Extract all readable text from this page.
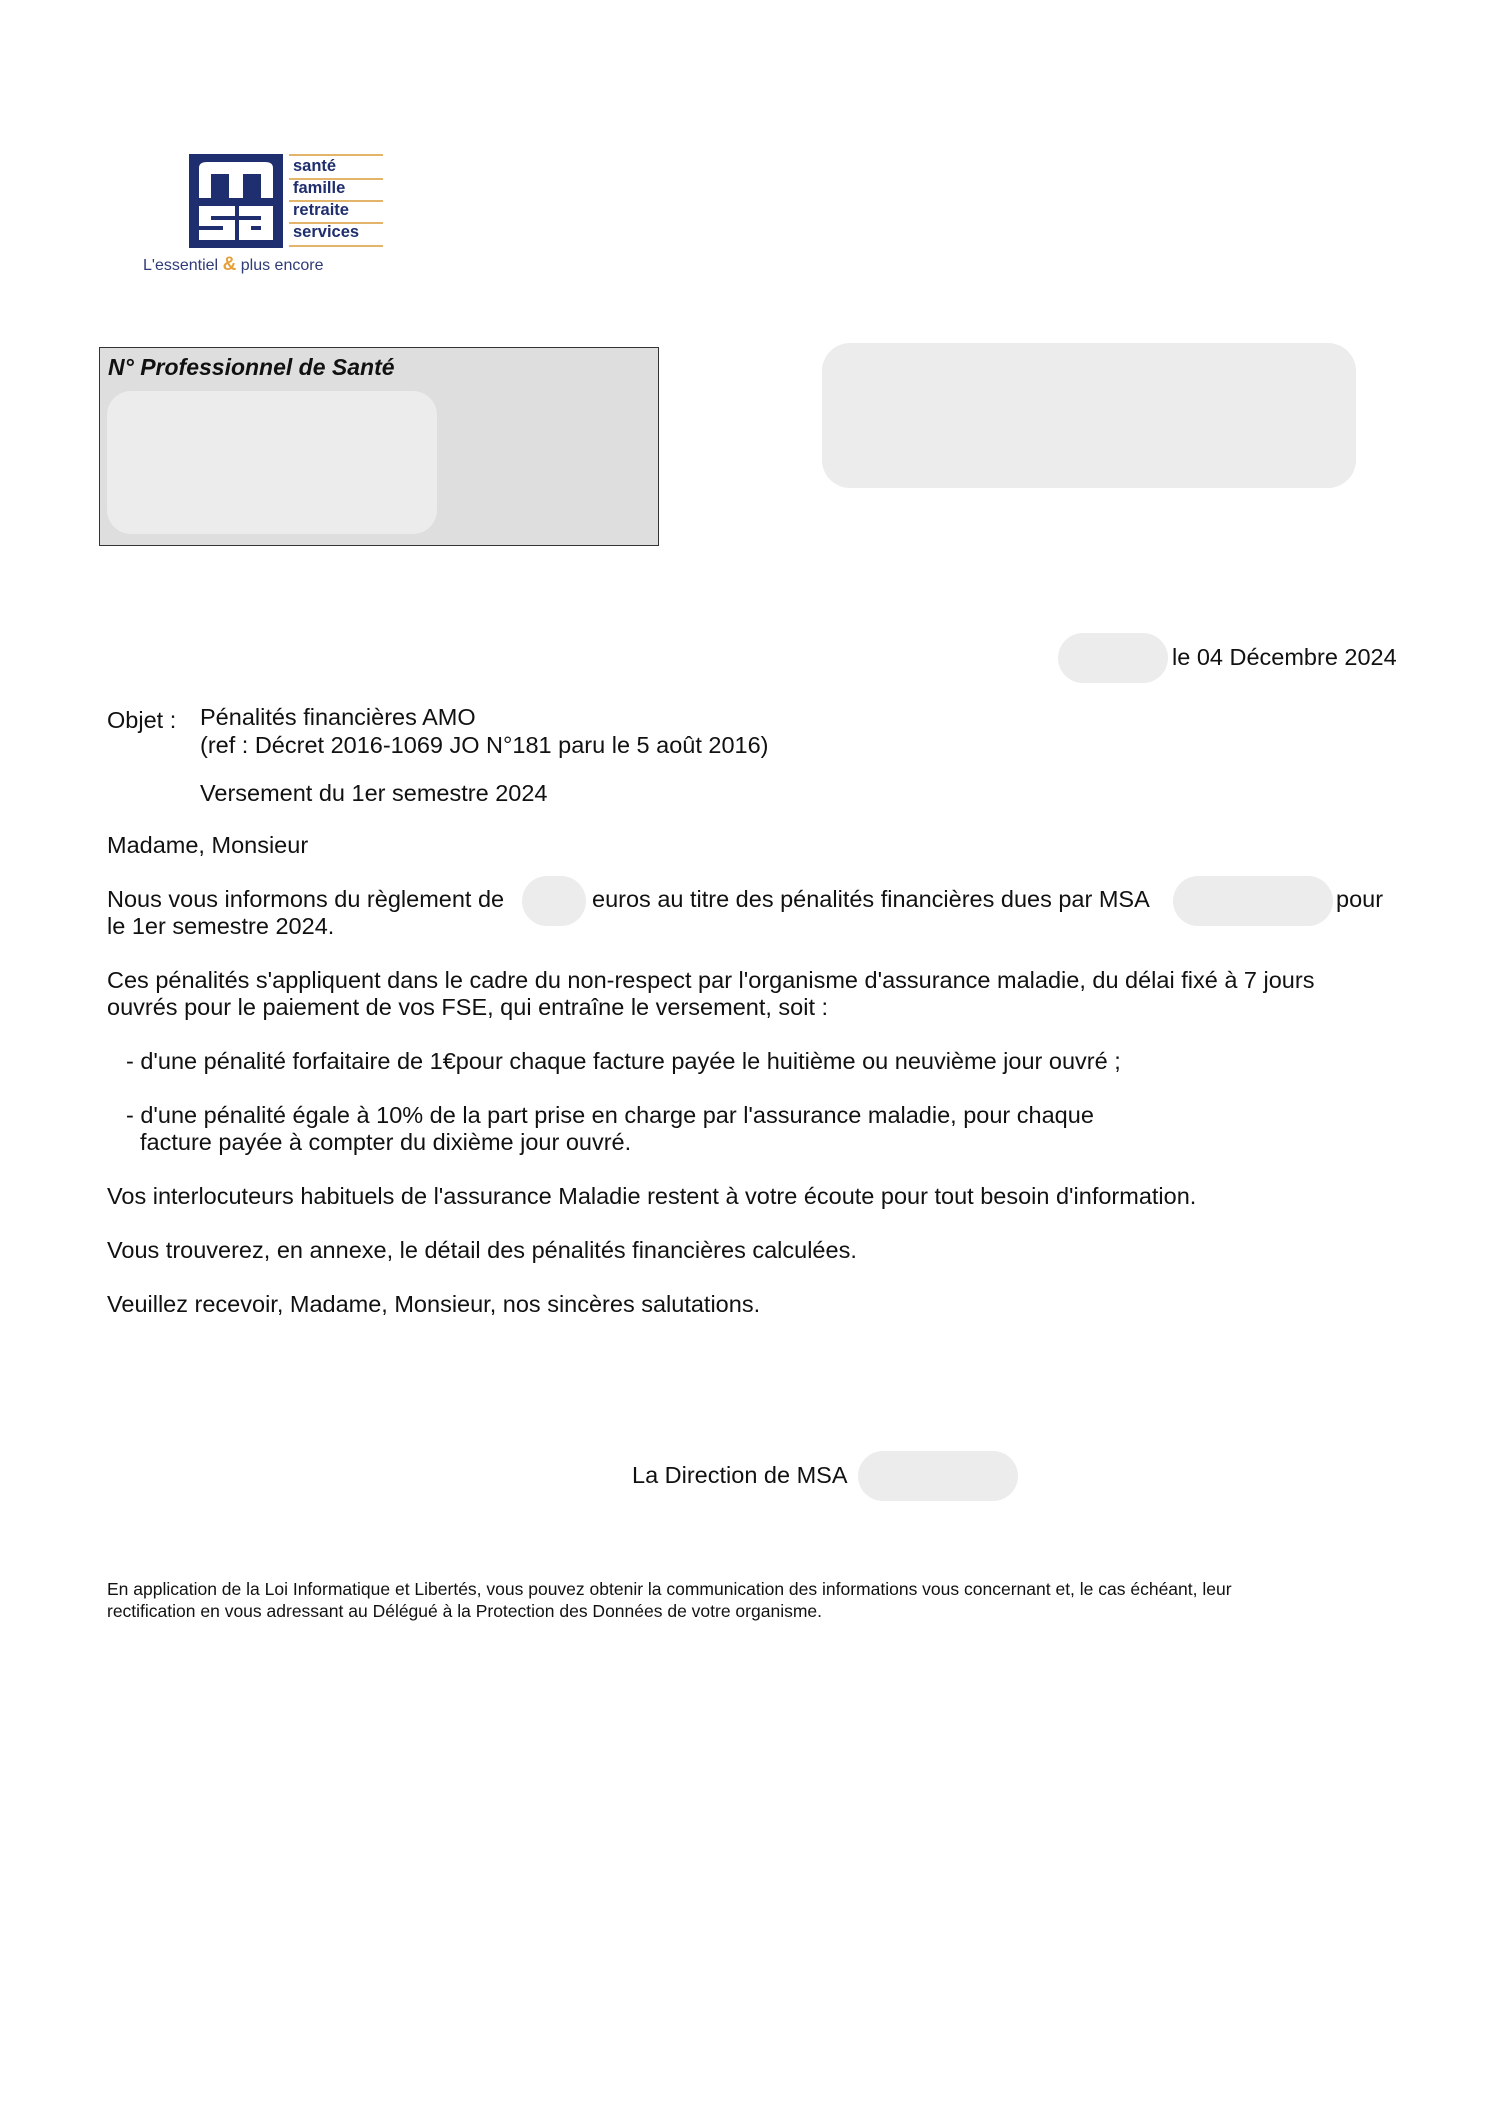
santé
famille
retraite
services
L'essentiel & plus encore
N° Professionnel de Santé
le 04 Décembre 2024
Objet : Pénalités financières AMO
(ref : Décret 2016-1069 JO N°181 paru le 5 août 2016)
Versement du 1er semestre 2024
Madame, Monsieur
Nous vous informons du règlement de	euros au titre des pénalités financières dues par MSA	pour
le 1er semestre 2024.
Ces pénalités s'appliquent dans le cadre du non-respect par l'organisme d'assurance maladie, du délai fixé à 7 jours
ouvrés pour le paiement de vos FSE, qui entraîne le versement, soit :
- d'une pénalité forfaitaire de 1€pour chaque facture payée le huitième ou neuvième jour ouvré ;
- d'une pénalité égale à 10% de la part prise en charge par l'assurance maladie, pour chaque
facture payée à compter du dixième jour ouvré.
Vos interlocuteurs habituels de l'assurance Maladie restent à votre écoute pour tout besoin d'information.
Vous trouverez, en annexe, le détail des pénalités financières calculées.
Veuillez recevoir, Madame, Monsieur, nos sincères salutations.
La Direction de MSA
En application de la Loi Informatique et Libertés, vous pouvez obtenir la communication des informations vous concernant et, le cas échéant, leur
rectification en vous adressant au Délégué à la Protection des Données de votre organisme.
